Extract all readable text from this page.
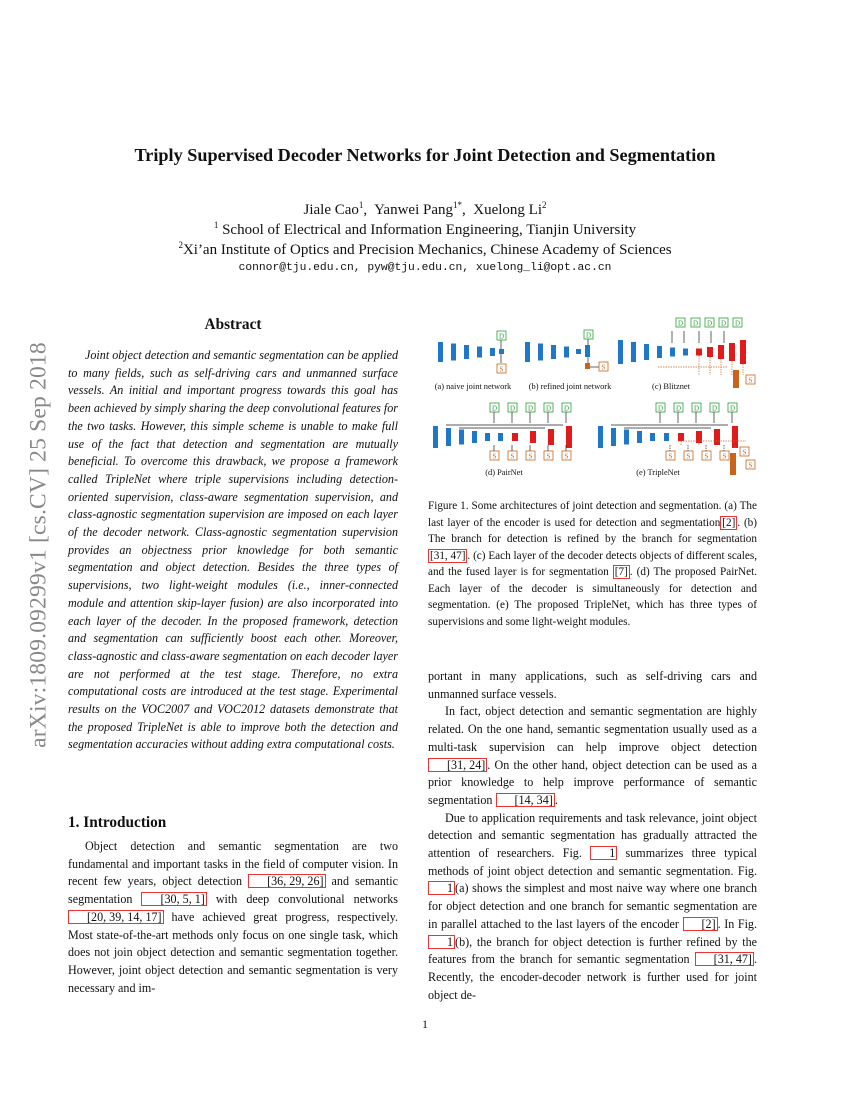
Triply Supervised Decoder Networks for Joint Detection and Segmentation
Jiale Cao$^1$,  Yanwei Pang$^{1*}$,  Xuelong Li$^2$
$^1$ School of Electrical and Information Engineering, Tianjin University
$^2$Xi’an Institute of Optics and Precision Mechanics, Chinese Academy of Sciences
connor@tju.edu.cn, pyw@tju.edu.cn, xuelong_li@opt.ac.cn
arXiv:1809.09299v1 [cs.CV] 25 Sep 2018
Abstract

Joint object detection and semantic segmentation can be applied to many fields, such as self-driving cars and unmanned surface vessels. An initial and important progress towards this goal has been achieved by simply sharing the deep convolutional features for the two tasks. However, this simple scheme is unable to make full use of the fact that detection and segmentation are mutually beneficial. To overcome this drawback, we propose a framework called TripleNet where triple supervisions including detection-oriented supervision, class-aware segmentation supervision, and class-agnostic segmentation supervision are imposed on each layer of the decoder network. Class-agnostic segmentation supervision provides an objectness prior knowledge for both semantic segmentation and object detection. Besides the three types of supervisions, two light-weight modules (i.e., inner-connected module and attention skip-layer fusion) are also incorporated into each layer of the decoder. In the proposed framework, detection and segmentation can sufficiently boost each other. Moreover, class-agnostic and class-aware segmentation on each decoder layer are not performed at the test stage. Therefore, no extra computational costs are introduced at the test stage. Experimental results on the VOC2007 and VOC2012 datasets demonstrate that the proposed TripleNet is able to improve both the detection and segmentation accuracies without adding extra computational costs.

1. Introduction

Object detection and semantic segmentation are two fundamental and important tasks in the field of computer vision. In recent few years, object detection [36, 29, 26] and semantic segmentation [30, 5, 1] with deep convolutional networks [20, 39, 14, 17] have achieved great progress, respectively. Most state-of-the-art methods only focus on one single task, which does not join object detection and semantic segmentation together. However, joint object detection and semantic segmentation is very necessary and im-

D
S
(a) naive joint network
D
S
(b) refined joint network
D D D D D
S
(c) Blitznet
D
S
D
S
D
S
D
S
D
S
(d) PairNet
D D D D D
S S S S S
S
(e) TripleNet
Figure 1. Some architectures of joint detection and segmentation. (a) The last layer of the encoder is used for detection and segmentation [2] . (b) The branch for detection is refined by the branch for segmentation [31, 47] . (c) Each layer of the decoder detects objects of different scales, and the fused layer is for segmentation [7] . (d) The proposed PairNet. Each layer of the decoder is simultaneously for detection and segmentation. (e) The proposed TripleNet, which has three types of supervisions and some light-weight modules.

portant in many applications, such as self-driving cars and unmanned surface vessels.

In fact, object detection and semantic segmentation are highly related. On the one hand, semantic segmentation usually used as a multi-task supervision can help improve object detection [31, 24] . On the other hand, object detection can be used as a prior knowledge to help improve performance of semantic segmentation [14, 34] .

Due to application requirements and task relevance, joint object detection and semantic segmentation has gradually attracted the attention of researchers. Fig. 1 summarizes three typical methods of joint object detection and semantic segmentation. Fig. 1 (a) shows the simplest and most naive way where one branch for object detection and one branch for semantic segmentation are in parallel attached to the last layers of the encoder [2] . In Fig. 1 (b), the branch for object detection is further refined by the features from the branch for semantic segmentation [31, 47] . Recently, the encoder-decoder network is further used for joint object de-

1
